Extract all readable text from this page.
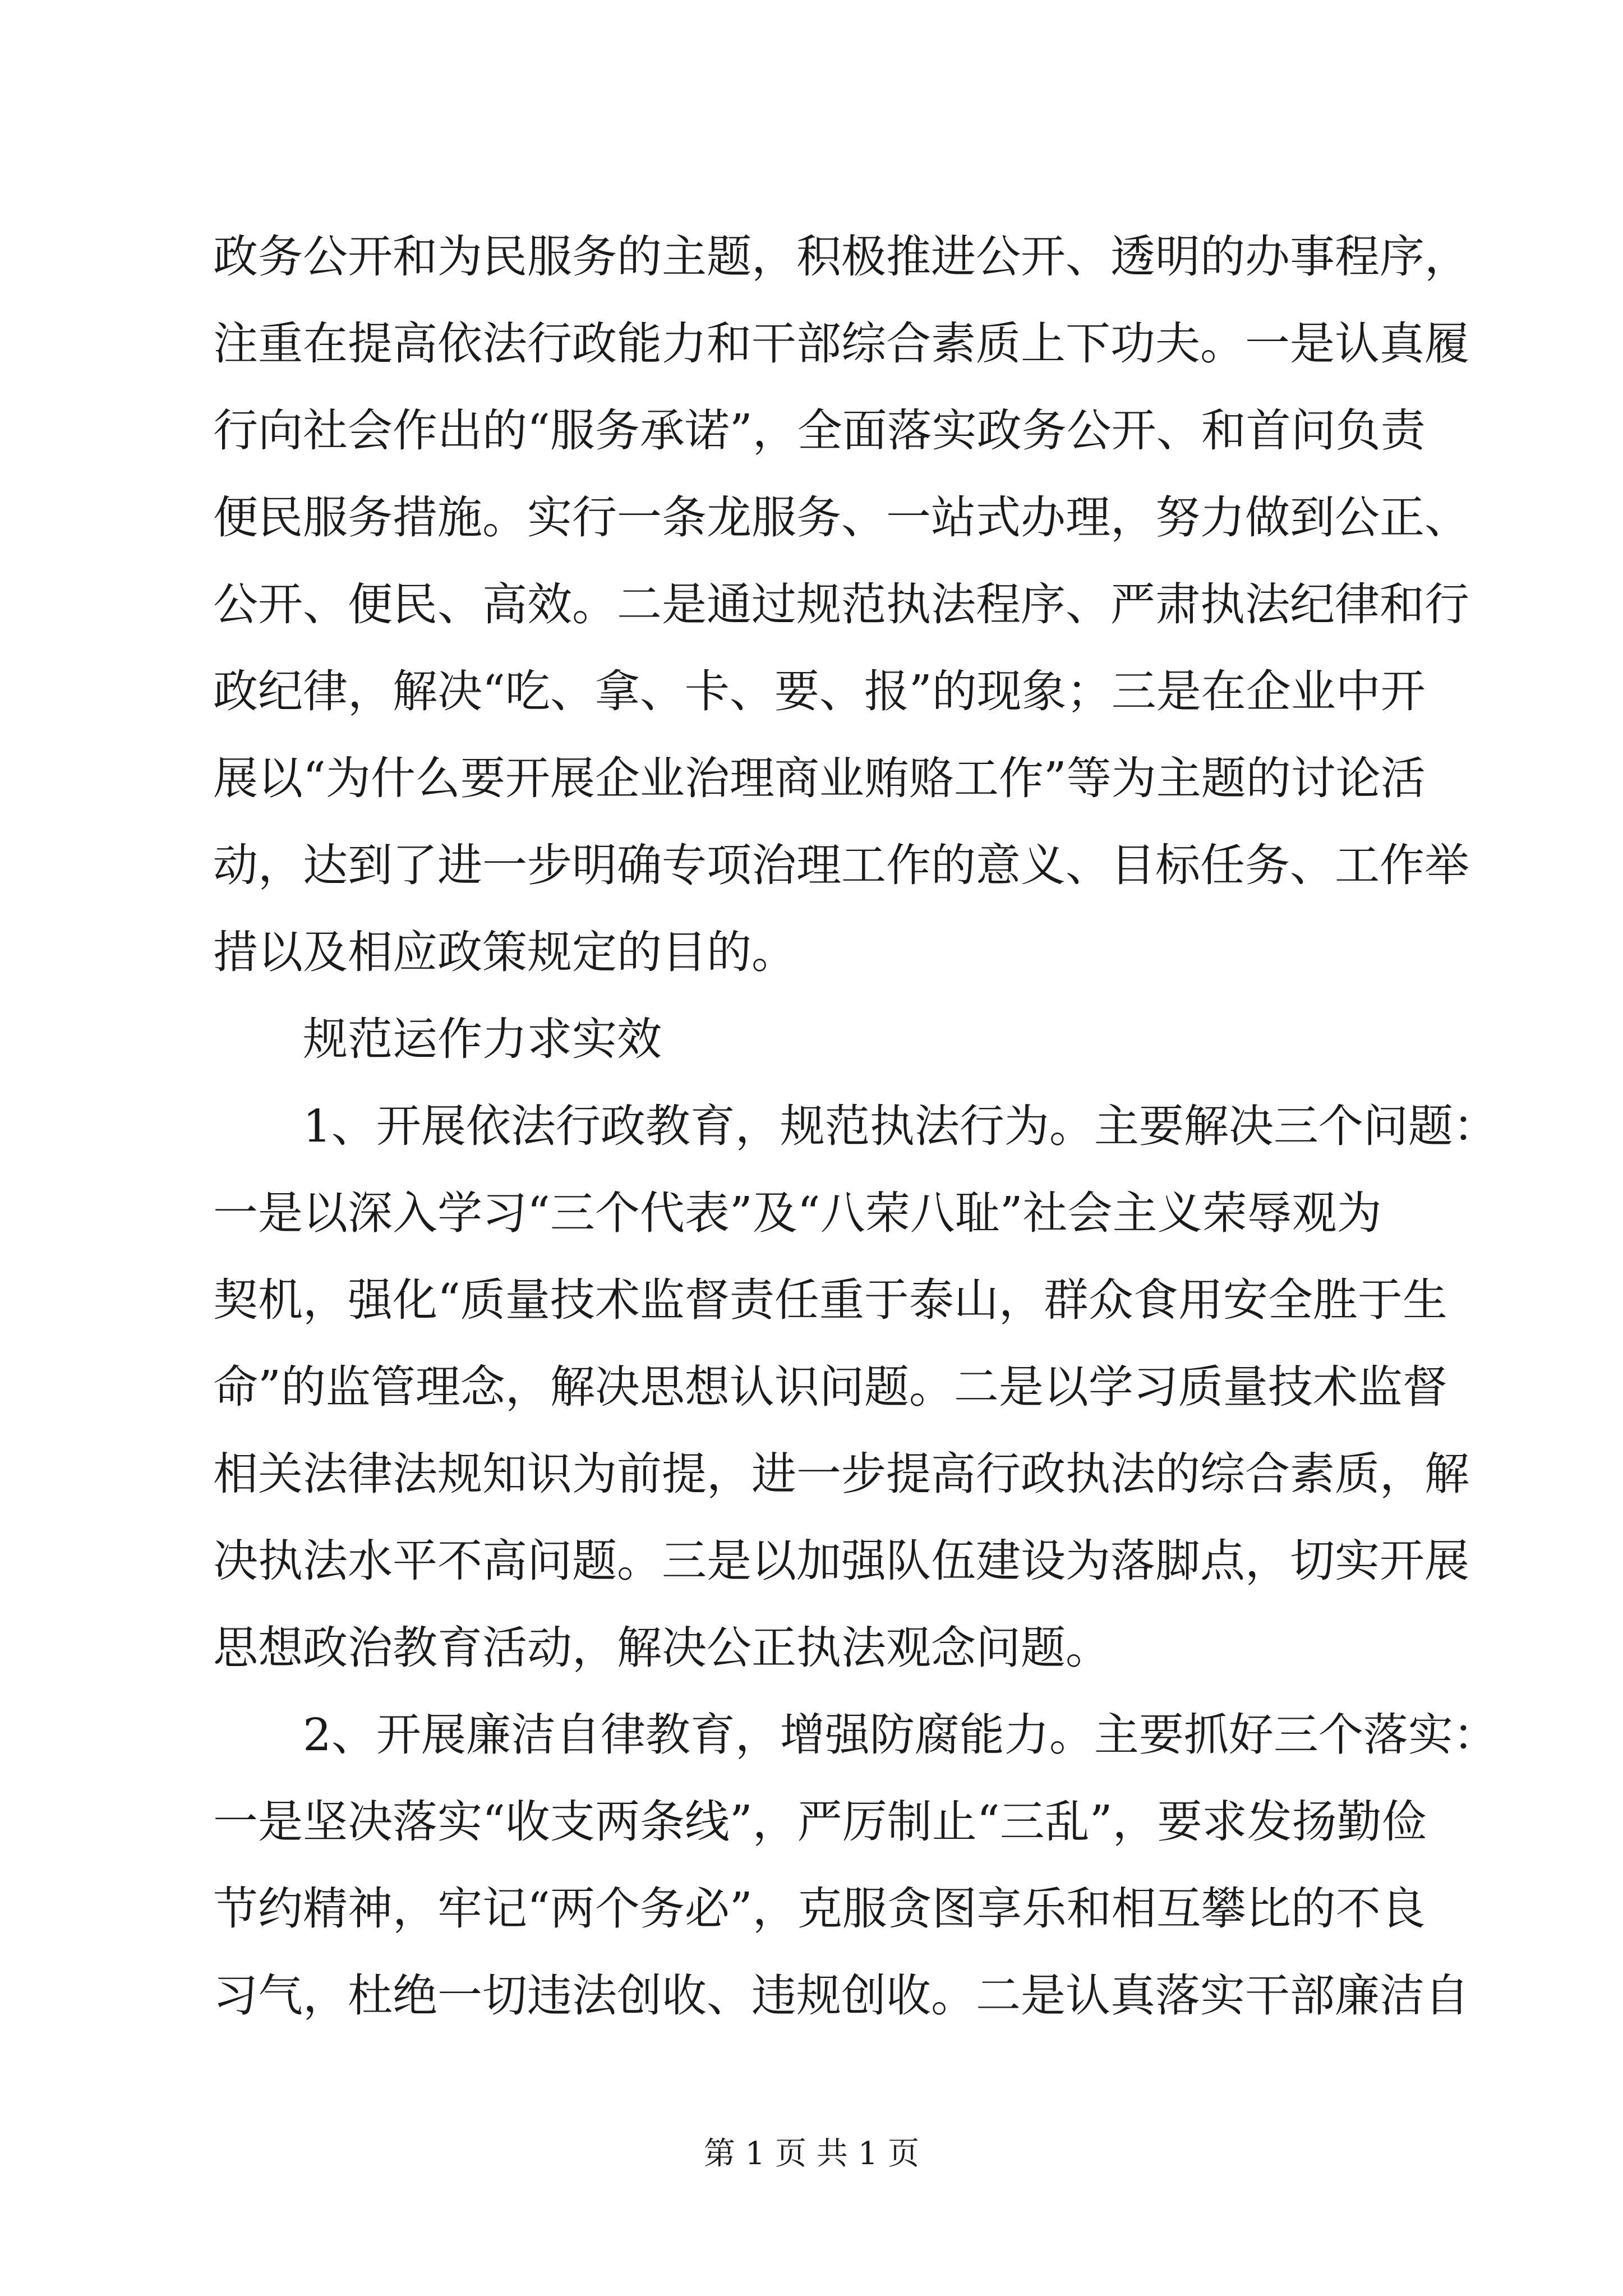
政务公开和为民服务的主题，积极推进公开、透明的办事程序，
注重在提高依法行政能力和干部综合素质上下功夫。一是认真履
行向社会作出的“服务承诺”，全面落实政务公开、和首问负责
便民服务措施。实行一条龙服务、一站式办理，努力做到公正、
公开、便民、高效。二是通过规范执法程序、严肃执法纪律和行
政纪律，解决“吃、拿、卡、要、报”的现象；三是在企业中开
展以“为什么要开展企业治理商业贿赂工作”等为主题的讨论活
动，达到了进一步明确专项治理工作的意义、目标任务、工作举
措以及相应政策规定的目的。
规范运作力求实效
1、开展依法行政教育，规范执法行为。主要解决三个问题：
一是以深入学习“三个代表”及“八荣八耻”社会主义荣辱观为
契机，强化“质量技术监督责任重于泰山，群众食用安全胜于生
命”的监管理念，解决思想认识问题。二是以学习质量技术监督
相关法律法规知识为前提，进一步提高行政执法的综合素质，解
决执法水平不高问题。三是以加强队伍建设为落脚点，切实开展
思想政治教育活动，解决公正执法观念问题。
2、开展廉洁自律教育，增强防腐能力。主要抓好三个落实：
一是坚决落实“收支两条线”，严厉制止“三乱”，要求发扬勤俭
节约精神，牢记“两个务必”，克服贪图享乐和相互攀比的不良
习气，杜绝一切违法创收、违规创收。二是认真落实干部廉洁自
第 1 页 共 1 页
